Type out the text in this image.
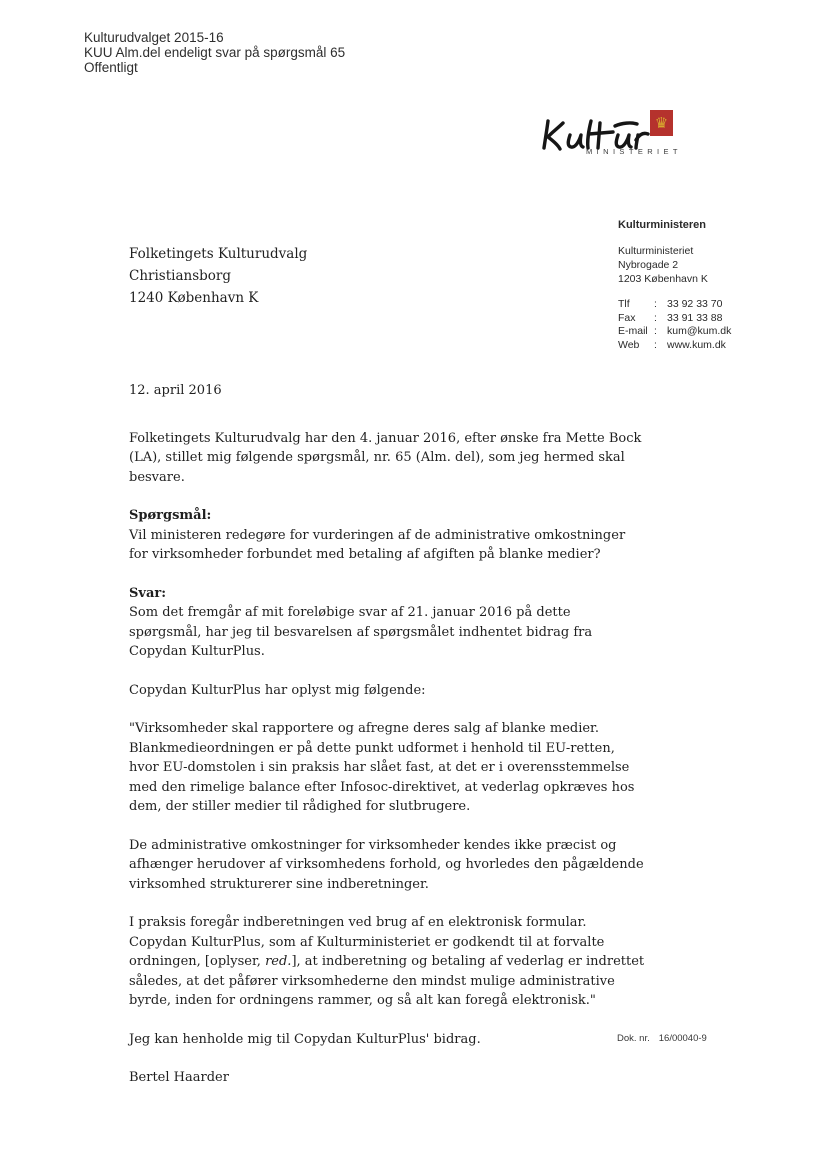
Kulturudvalget 2015-16
KUU Alm.del endeligt svar på spørgsmål 65
Offentligt
♛
MINISTERIET
Kulturministeren
Kulturministeriet
Nybrogade 2
1203 København K
Tlf	: 33 92 33 70
Fax	: 33 91 33 88
E-mail : kum@kum.dk
Web	: www.kum.dk
Folketingets Kulturudvalg
Christiansborg
1240 København K
12. april 2016

Folketingets Kulturudvalg har den 4. januar 2016, efter ønske fra Mette Bock (LA), stillet mig følgende spørgsmål, nr. 65 (Alm. del), som jeg hermed skal besvare.

Spørgsmål:

Vil ministeren redegøre for vurderingen af de administrative omkostninger for virksomheder forbundet med betaling af afgiften på blanke medier?

Svar:

Som det fremgår af mit foreløbige svar af 21. januar 2016 på dette spørgsmål, har jeg til besvarelsen af spørgsmålet indhentet bidrag fra Copydan KulturPlus.

Copydan KulturPlus har oplyst mig følgende:

"Virksomheder skal rapportere og afregne deres salg af blanke medier.
Blankmedieordningen er på dette punkt udformet i henhold til EU-retten, hvor EU-domstolen i sin praksis har slået fast, at det er i overensstemmelse med den rimelige balance efter Infosoc-direktivet, at vederlag opkræves hos dem, der stiller medier til rådighed for slutbrugere.

De administrative omkostninger for virksomheder kendes ikke præcist og afhænger herudover af virksomhedens forhold, og hvorledes den pågældende virksomhed strukturerer sine indberetninger.

I praksis foregår indberetningen ved brug af en elektronisk formular.
Copydan KulturPlus, som af Kulturministeriet er godkendt til at forvalte ordningen, [oplyser, red.], at indberetning og betaling af vederlag er indrettet således, at det påfører virksomhederne den mindst mulige administrative byrde, inden for ordningens rammer, og så alt kan foregå elektronisk."

Jeg kan henholde mig til Copydan KulturPlus' bidrag.

Bertel Haarder

Dok. nr. 16/00040-9
